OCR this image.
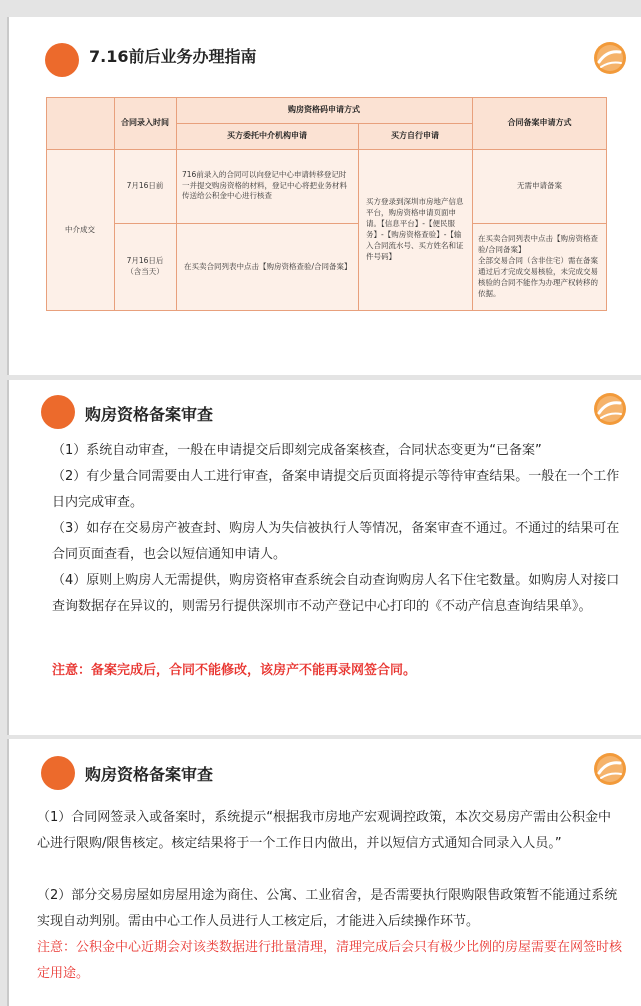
7.16前后业务办理指南
合同录入时间
购房资格码申请方式
买方委托中介机构申请	买方自行申请
合同备案申请方式
中介成交
7月16日前
7月16日后
（含当天）
716前录入的合同可以向登记中心申请转移登记时一并提交购房资格的材料，登记中心将把业务材料传送给公积金中心进行核查
买方登录到深圳市房地产信息平台，购房资格申请页面申请。【信息平台】-【便民服务】-【购房资格查验】-【输入合同流水号、买方姓名和证件号码】
无需申请备案
在买卖合同列表中点击【购房资格查验/合同备案】
在买卖合同列表中点击【购房资格查验/合同备案】
全部交易合同（含非住宅）需在备案通过后才完成交易核验，未完成交易核验的合同不能作为办理产权转移的依据。
购房资格备案审查
（1）系统自动审查，一般在申请提交后即刻完成备案核查，合同状态变更为“已备案”
（2）有少量合同需要由人工进行审查，备案申请提交后页面将提示等待审查结果。一般在一个工作日内完成审查。
（3）如存在交易房产被查封、购房人为失信被执行人等情况，备案审查不通过。不通过的结果可在合同页面查看，也会以短信通知申请人。
（4）原则上购房人无需提供，购房资格审查系统会自动查询购房人名下住宅数量。如购房人对接口查询数据存在异议的，则需另行提供深圳市不动产登记中心打印的《不动产信息查询结果单》。
注意：备案完成后，合同不能修改，该房产不能再录网签合同。
购房资格备案审查
（1）合同网签录入或备案时，系统提示“根据我市房地产宏观调控政策，本次交易房产需由公积金中心进行限购/限售核定。核定结果将于一个工作日内做出，并以短信方式通知合同录入人员。”
（2）部分交易房屋如房屋用途为商住、公寓、工业宿舍，是否需要执行限购限售政策暂不能通过系统实现自动判别。需由中心工作人员进行人工核定后，才能进入后续操作环节。
注意：公积金中心近期会对该类数据进行批量清理，清理完成后会只有极少比例的房屋需要在网签时核定用途。
